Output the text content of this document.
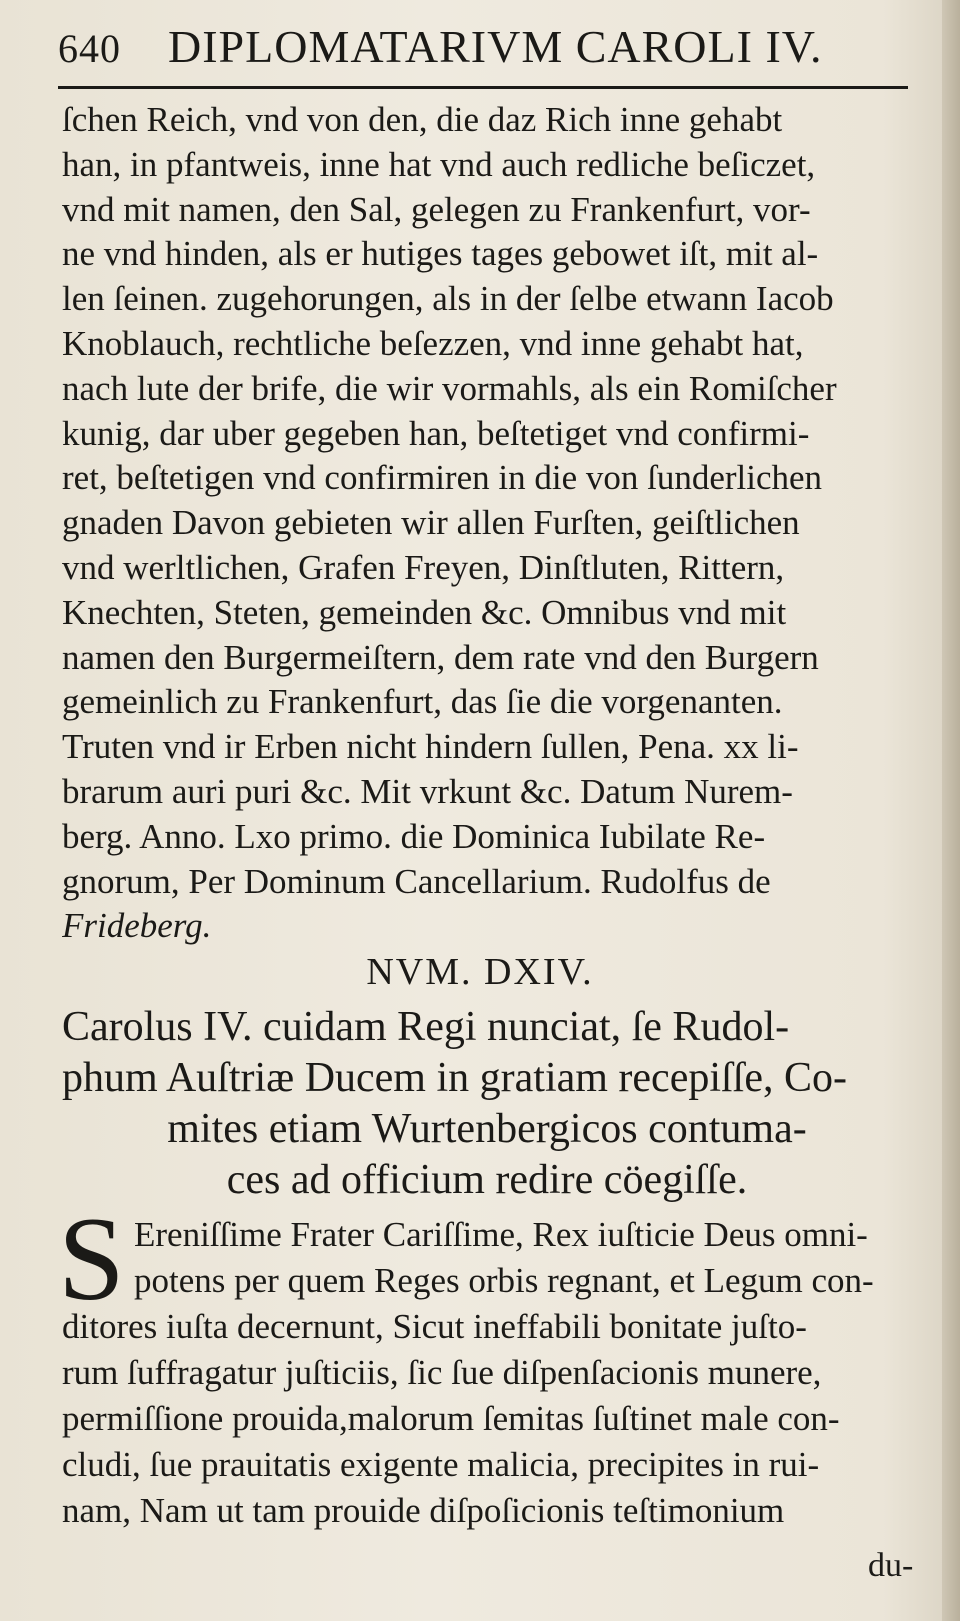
640	DIPLOMATARIVM CAROLI IV.
ſchen Reich, vnd von den, die daz Rich inne gehabt
han, in pfantweis, inne hat vnd auch redliche beſiczet,
vnd mit namen, den Sal, gelegen zu Frankenfurt, vor-
ne vnd hinden, als er hutiges tages gebowet iſt, mit al-
len ſeinen. zugehorungen, als in der ſelbe etwann Iacob
Knoblauch, rechtliche beſezzen, vnd inne gehabt hat,
nach lute der brife, die wir vormahls, als ein Romiſcher
kunig, dar uber gegeben han, beſtetiget vnd confirmi-
ret, beſtetigen vnd confirmiren in die von ſunderlichen
gnaden Davon gebieten wir allen Furſten, geiſtlichen
vnd werltlichen, Grafen Freyen, Dinſtluten, Rittern,
Knechten, Steten, gemeinden &c. Omnibus vnd mit
namen den Burgermeiſtern, dem rate vnd den Burgern
gemeinlich zu Frankenfurt, das ſie die vorgenanten.
Truten vnd ir Erben nicht hindern ſullen, Pena. xx li-
brarum auri puri &c. Mit vrkunt &c. Datum Nurem-
berg. Anno. Lxo primo. die Dominica Iubilate Re-
gnorum, Per Dominum Cancellarium. Rudolfus de
Frideberg.
NVM. DXIV.
Carolus IV. cuidam Regi nunciat, ſe Rudol-
phum Auſtriæ Ducem in gratiam recepiſſe, Co-
mites etiam Wurtenbergicos contuma-
ces ad officium redire cöegiſſe.
S Ereniſſime Frater Cariſſime, Rex iuſticie Deus omni-
potens per quem Reges orbis regnant, et Legum con-
ditores iuſta decernunt, Sicut ineffabili bonitate juſto-
rum ſuffragatur juſticiis, ſic ſue diſpenſacionis munere,
permiſſione prouida,malorum ſemitas ſuſtinet male con-
cludi, ſue prauitatis exigente malicia, precipites in rui-
nam, Nam ut tam prouide diſpoſicionis teſtimonium
du-
